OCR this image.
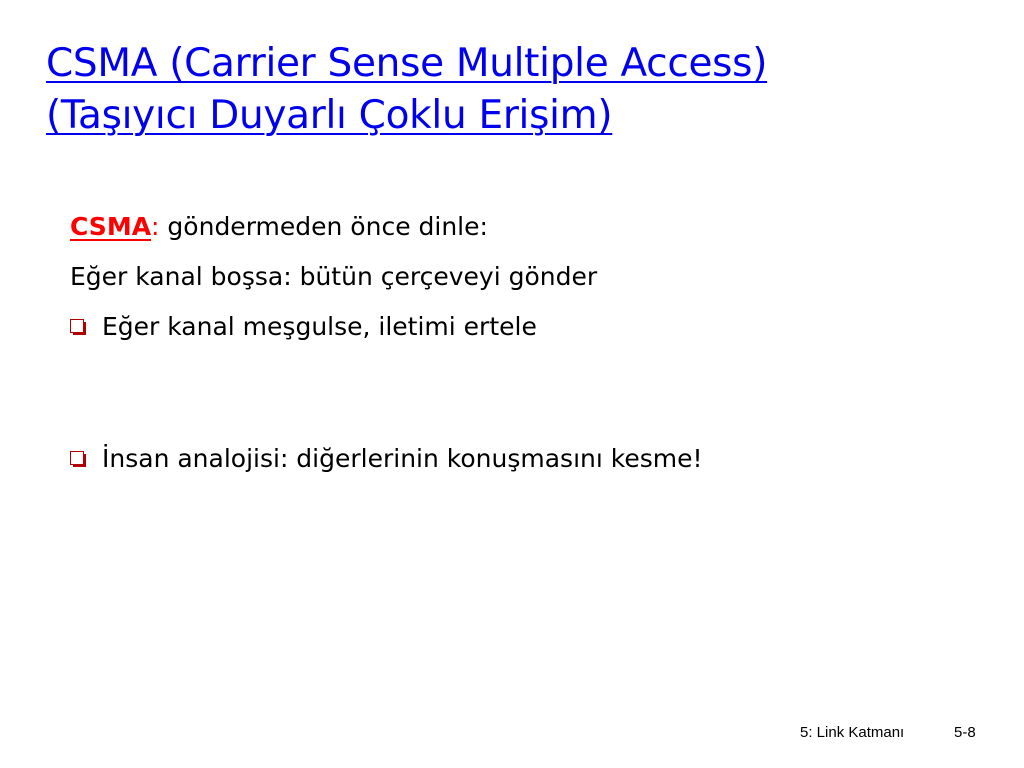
CSMA (Carrier Sense Multiple Access)
(Taşıyıcı Duyarlı Çoklu Erişim)
CSMA: göndermeden önce dinle:
Eğer kanal boşsa: bütün çerçeveyi gönder
Eğer kanal meşgulse, iletimi ertele
İnsan analojisi: diğerlerinin konuşmasını kesme!
5: Link Katmanı	5-8
